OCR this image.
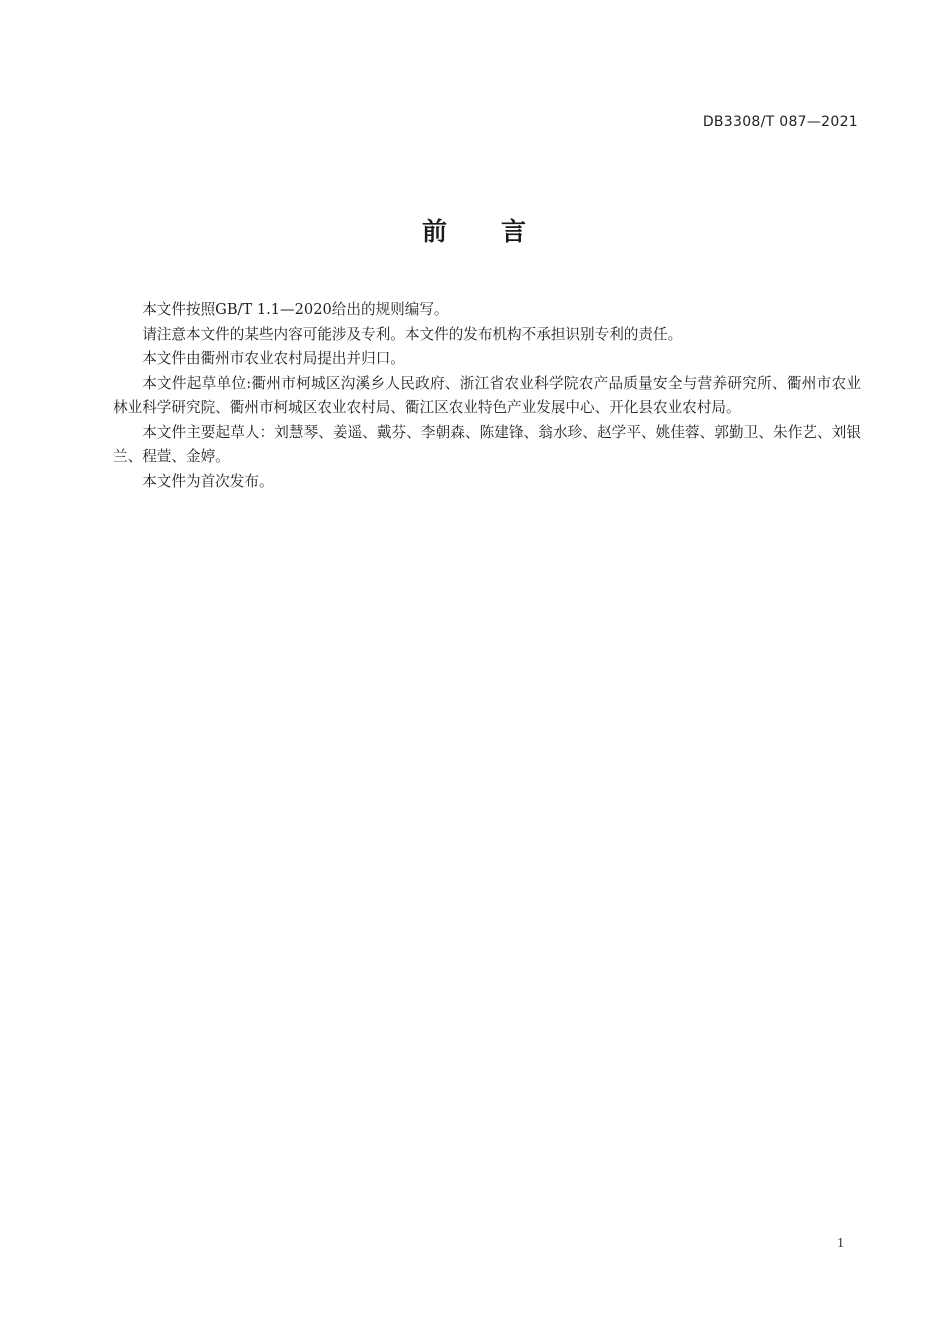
DB3308/T 087—2021
前 言

本文件按照GB/T 1.1—2020给出的规则编写。

请注意本文件的某些内容可能涉及专利。本文件的发布机构不承担识别专利的责任。

本文件由衢州市农业农村局提出并归口。

本文件起草单位:衢州市柯城区沟溪乡人民政府、浙江省农业科学院农产品质量安全与营养研究所、衢州市农业林业科学研究院、衢州市柯城区农业农村局、衢江区农业特色产业发展中心、开化县农业农村局。

本文件主要起草人：刘慧琴、姜遥、戴芬、李朝森、陈建锋、翁水珍、赵学平、姚佳蓉、郭勤卫、朱作艺、刘银兰、程萱、金婷。

本文件为首次发布。

1
